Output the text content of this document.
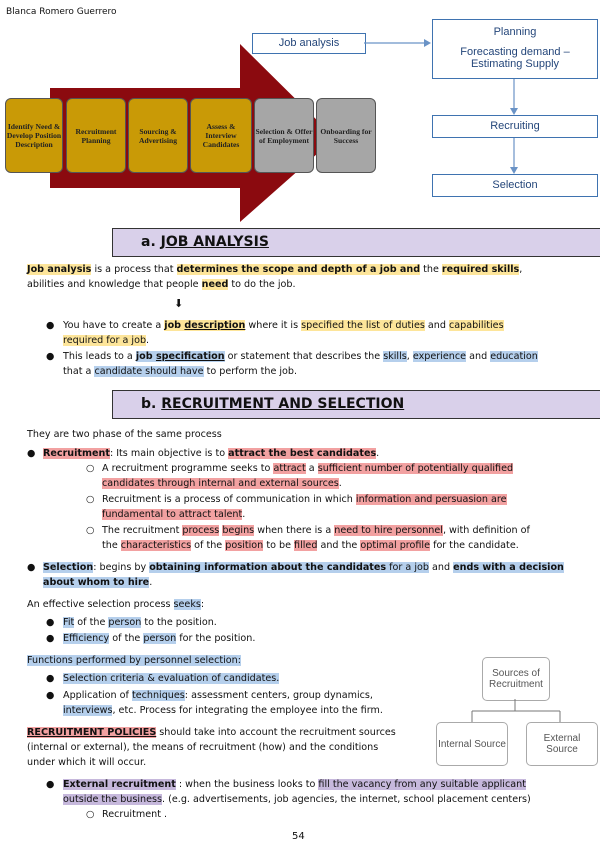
Blanca Romero Guerrero
Identify Need & Develop Position Description
Recruitment Planning
Sourcing & Advertising
Assess & Interview Candidates
Selection & Offer of Employment
Onboarding for Success
Job analysis
Planning
Forecasting demand –
Estimating Supply
Recruiting
Selection
a. JOB ANALYSIS
Job analysis is a process that determines the scope and depth of a job and the required skills,
abilities and knowledge that people need to do the job.
⬇
● You have to create a job description where it is specified the list of duties and capabilities
required for a job.
● This leads to a job specification or statement that describes the skills, experience and education
that a candidate should have to perform the job.
b. RECRUITMENT AND SELECTION
They are two phase of the same process
● Recruitment: Its main objective is to attract the best candidates.
○ A recruitment programme seeks to attract a sufficient number of potentially qualified
candidates through internal and external sources.
○ Recruitment is a process of communication in which information and persuasion are
fundamental to attract talent.
○ The recruitment process begins when there is a need to hire personnel, with definition of
the characteristics of the position to be filled and the optimal profile for the candidate.
● Selection: begins by obtaining information about the candidates for a job and ends with a decision
about whom to hire.
An effective selection process seeks:
● Fit of the person to the position.
● Efficiency of the person for the position.
Functions performed by personnel selection:
● Selection criteria & evaluation of candidates.
● Application of techniques: assessment centers, group dynamics,
interviews, etc. Process for integrating the employee into the firm.
RECRUITMENT POLICIES should take into account the recruitment sources
(internal or external), the means of recruitment (how) and the conditions
under which it will occur.
● External recruitment : when the business looks to fill the vacancy from any suitable applicant
outside the business. (e.g. advertisements, job agencies, the internet, school placement centers)
○ Recruitment .
Sources of Recruitment
Internal Source	External Source
54
